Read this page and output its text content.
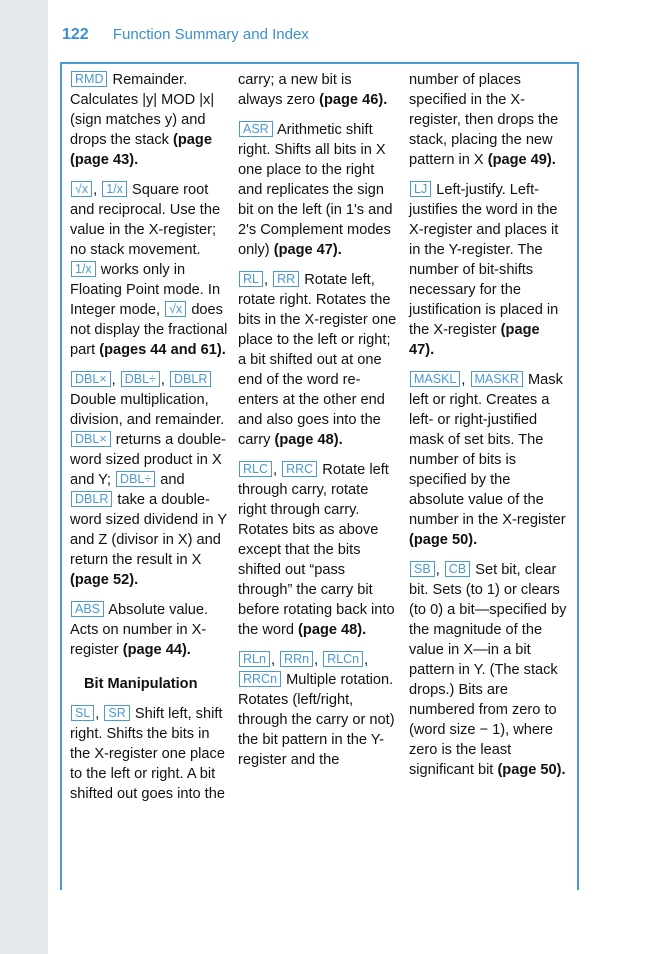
122 Function Summary and Index

RMD Remainder. Calculates |y| MOD |x| (sign matches y) and drops the stack (page (page 43).

√x , 1/x Square root and reciprocal. Use the value in the X-register; no stack movement. 1/x works only in Floating Point mode. In Integer mode, √x does not display the fractional part (pages 44 and 61).

DBL× , DBL÷ , DBLR Double multiplication, division, and remainder. DBL× returns a double-word sized product in X and Y; DBL÷ and DBLR take a double-word sized dividend in Y and Z (divisor in X) and return the result in X (page 52).

ABS Absolute value. Acts on number in X-register (page 44).

Bit Manipulation

SL , SR Shift left, shift right. Shifts the bits in the X-register one place to the left or right. A bit shifted out goes into the

carry; a new bit is always zero (page 46).

ASR Arithmetic shift right. Shifts all bits in X one place to the right and replicates the sign bit on the left (in 1's and 2's Complement modes only) (page 47).

RL , RR Rotate left, rotate right. Rotates the bits in the X-register one place to the left or right; a bit shifted out at one end of the word re-enters at the other end and also goes into the carry (page 48).

RLC , RRC Rotate left through carry, rotate right through carry. Rotates bits as above except that the bits shifted out “pass through” the carry bit before rotating back into the word (page 48).

RLn , RRn , RLCn , RRCn Multiple rotation. Rotates (left/right, through the carry or not) the bit pattern in the Y-register and the

number of places specified in the X-register, then drops the stack, placing the new pattern in X (page 49).

LJ Left-justify. Left-justifies the word in the X-register and places it in the Y-register. The number of bit-shifts necessary for the justification is placed in the X-register (page 47).

MASKL , MASKR Mask left or right. Creates a left- or right-justified mask of set bits. The number of bits is specified by the absolute value of the number in the X-register (page 50).

SB , CB Set bit, clear bit. Sets (to 1) or clears (to 0) a bit—specified by the magnitude of the value in X—in a bit pattern in Y. (The stack drops.) Bits are numbered from zero to (word size − 1), where zero is the least significant bit (page 50).
